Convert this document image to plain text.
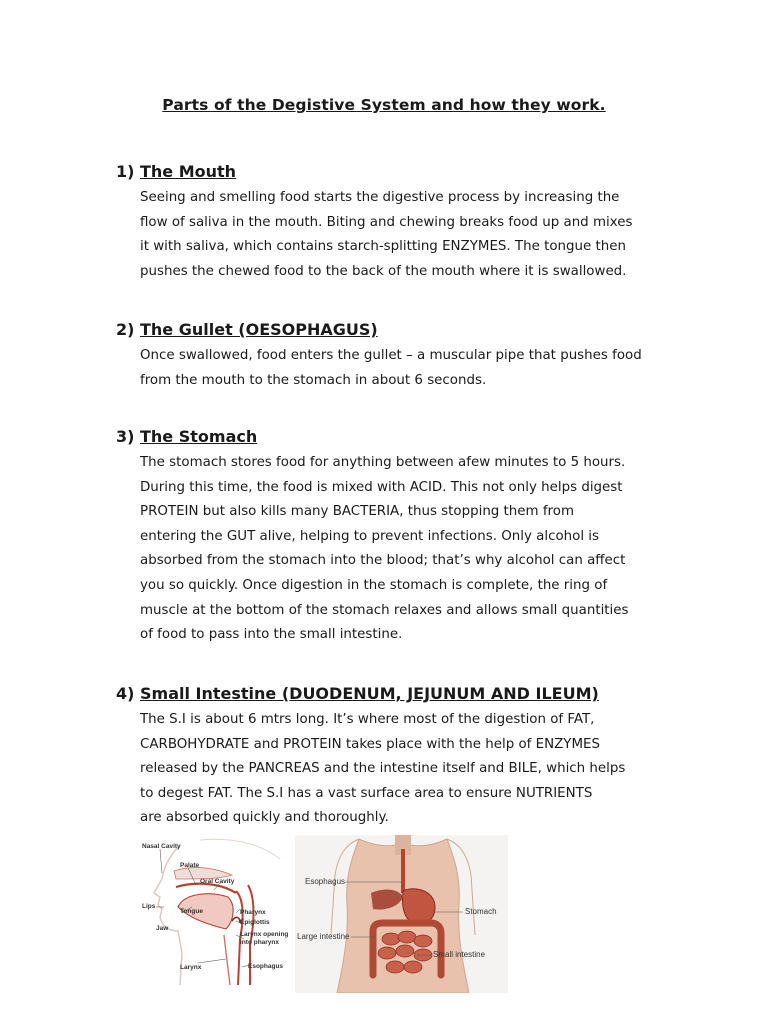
Parts of the Degistive System and how they work.
1) The Mouth

Seeing and smelling food starts the digestive process by increasing the

flow of saliva in the mouth. Biting and chewing breaks food up and mixes

it with saliva, which contains starch-splitting ENZYMES. The tongue then

pushes the chewed food to the back of the mouth where it is swallowed.

2) The Gullet (OESOPHAGUS)

Once swallowed, food enters the gullet – a muscular pipe that pushes food

from the mouth to the stomach in about 6 seconds.

3) The Stomach

The stomach stores food for anything between afew minutes to 5 hours.

During this time, the food is mixed with ACID. This not only helps digest

PROTEIN but also kills many BACTERIA, thus stopping them from

entering the GUT alive, helping to prevent infections. Only alcohol is

absorbed from the stomach into the blood; that’s why alcohol can affect

you so quickly. Once digestion in the stomach is complete, the ring of

muscle at the bottom of the stomach relaxes and allows small quantities

of food to pass into the small intestine.

4) Small Intestine (DUODENUM, JEJUNUM AND ILEUM)

The S.I is about 6 mtrs long. It’s where most of the digestion of FAT,

CARBOHYDRATE and PROTEIN takes place with the help of ENZYMES

released by the PANCREAS and the intestine itself and BILE, which helps

to degest FAT. The S.I has a vast surface area to ensure NUTRIENTS

are absorbed quickly and thoroughly.

Nasal Cavity
Palate
Oral Cavity
Lips
Tongue
Jaw
Pharynx
Epiglottis
Larynx opening
into pharynx
Larynx	Esophagus
Esophagus
Stomach
Large intestine
Small intestine
